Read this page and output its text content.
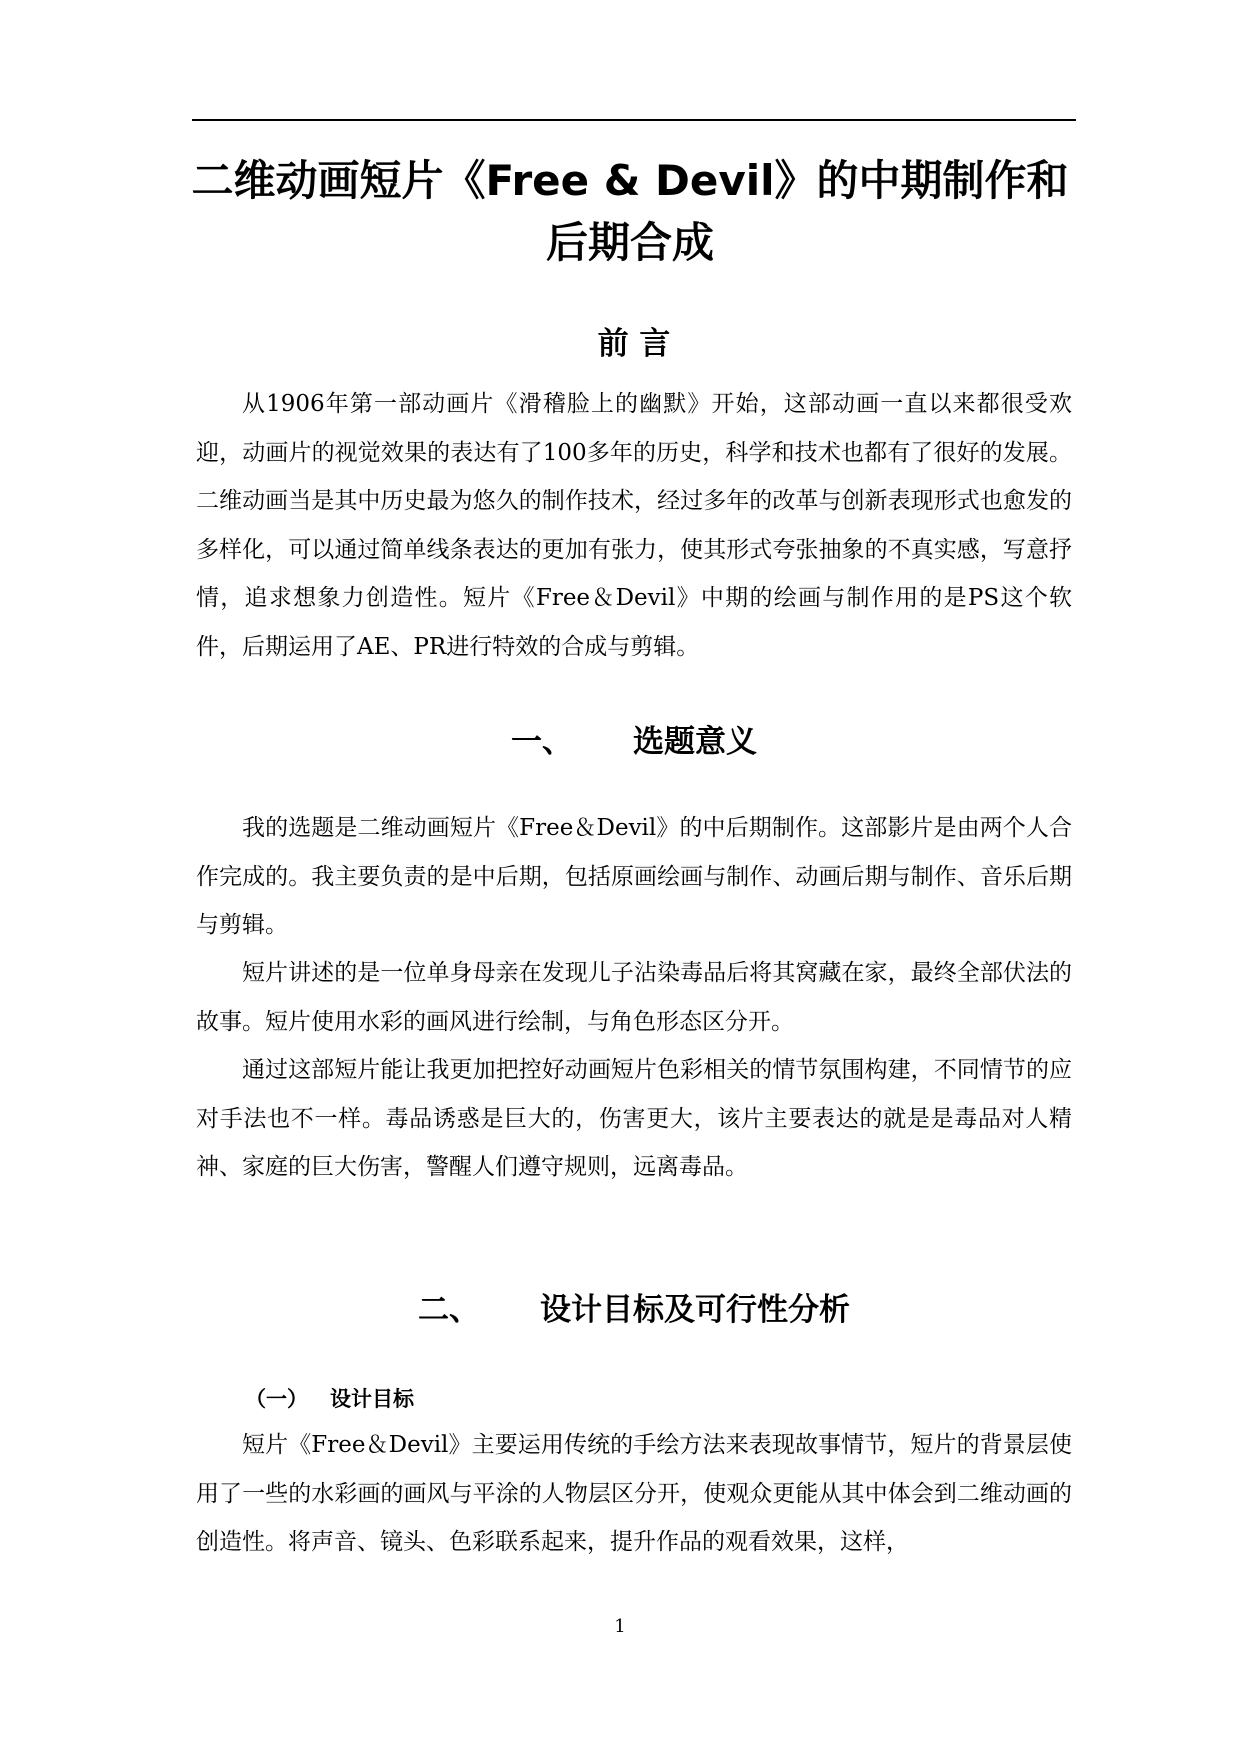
二维动画短片《Free & Devil》的中期制作和后期合成
前 言
从1906年第一部动画片《滑稽脸上的幽默》开始，这部动画一直以来都很受欢迎，动画片的视觉效果的表达有了100多年的历史，科学和技术也都有了很好的发展。二维动画当是其中历史最为悠久的制作技术，经过多年的改革与创新表现形式也愈发的多样化，可以通过简单线条表达的更加有张力，使其形式夸张抽象的不真实感，写意抒情，追求想象力创造性。短片《Free＆Devil》中期的绘画与制作用的是PS这个软件，后期运用了AE、PR进行特效的合成与剪辑。
一、 选题意义
我的选题是二维动画短片《Free＆Devil》的中后期制作。这部影片是由两个人合作完成的。我主要负责的是中后期，包括原画绘画与制作、动画后期与制作、音乐后期与剪辑。
短片讲述的是一位单身母亲在发现儿子沾染毒品后将其窝藏在家，最终全部伏法的故事。短片使用水彩的画风进行绘制，与角色形态区分开。
通过这部短片能让我更加把控好动画短片色彩相关的情节氛围构建，不同情节的应对手法也不一样。毒品诱惑是巨大的，伤害更大，该片主要表达的就是是毒品对人精神、家庭的巨大伤害，警醒人们遵守规则，远离毒品。
二、 设计目标及可行性分析
（一） 设计目标
短片《Free＆Devil》主要运用传统的手绘方法来表现故事情节，短片的背景层使用了一些的水彩画的画风与平涂的人物层区分开，使观众更能从其中体会到二维动画的创造性。将声音、镜头、色彩联系起来，提升作品的观看效果，这样，
1
